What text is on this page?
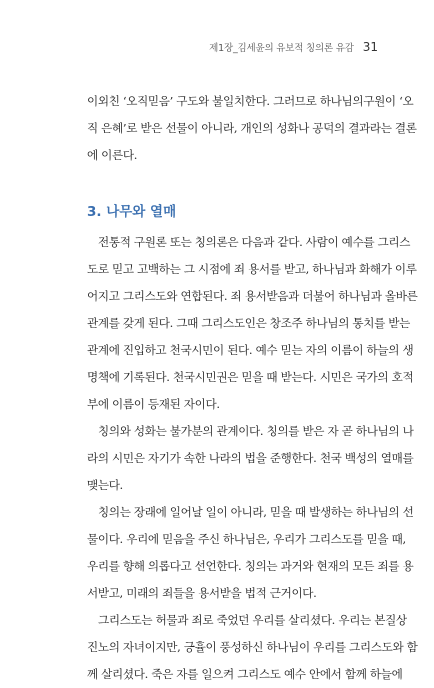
제1장_김세윤의 유보적 칭의론 유감 31
이외친 ‘오직믿음’ 구도와 불일치한다. 그러므로 하나님의구원이 ‘오
직 은혜’로 받은 선물이 아니라, 개인의 성화나 공덕의 결과라는 결론
에 이른다.
3. 나무와 열매
전통적 구원론 또는 칭의론은 다음과 같다. 사람이 예수를 그리스
도로 믿고 고백하는 그 시점에 죄 용서를 받고, 하나님과 화해가 이루
어지고 그리스도와 연합된다. 죄 용서받음과 더불어 하나님과 올바른
관계를 갖게 된다. 그때 그리스도인은 창조주 하나님의 통치를 받는
관계에 진입하고 천국시민이 된다. 예수 믿는 자의 이름이 하늘의 생
명책에 기록된다. 천국시민권은 믿을 때 받는다. 시민은 국가의 호적
부에 이름이 등재된 자이다.
칭의와 성화는 불가분의 관계이다. 칭의를 받은 자 곧 하나님의 나
라의 시민은 자기가 속한 나라의 법을 준행한다. 천국 백성의 열매를
맺는다.
칭의는 장래에 일어날 일이 아니라, 믿을 때 발생하는 하나님의 선
물이다. 우리에 믿음을 주신 하나님은, 우리가 그리스도를 믿을 때,
우리를 향해 의롭다고 선언한다. 칭의는 과거와 현재의 모든 죄를 용
서받고, 미래의 죄들을 용서받을 법적 근거이다.
그리스도는 허물과 죄로 죽었던 우리를 살리셨다. 우리는 본질상
진노의 자녀이지만, 긍휼이 풍성하신 하나님이 우리를 그리스도와 함
께 살리셨다. 죽은 자를 일으켜 그리스도 예수 안에서 함께 하늘에
